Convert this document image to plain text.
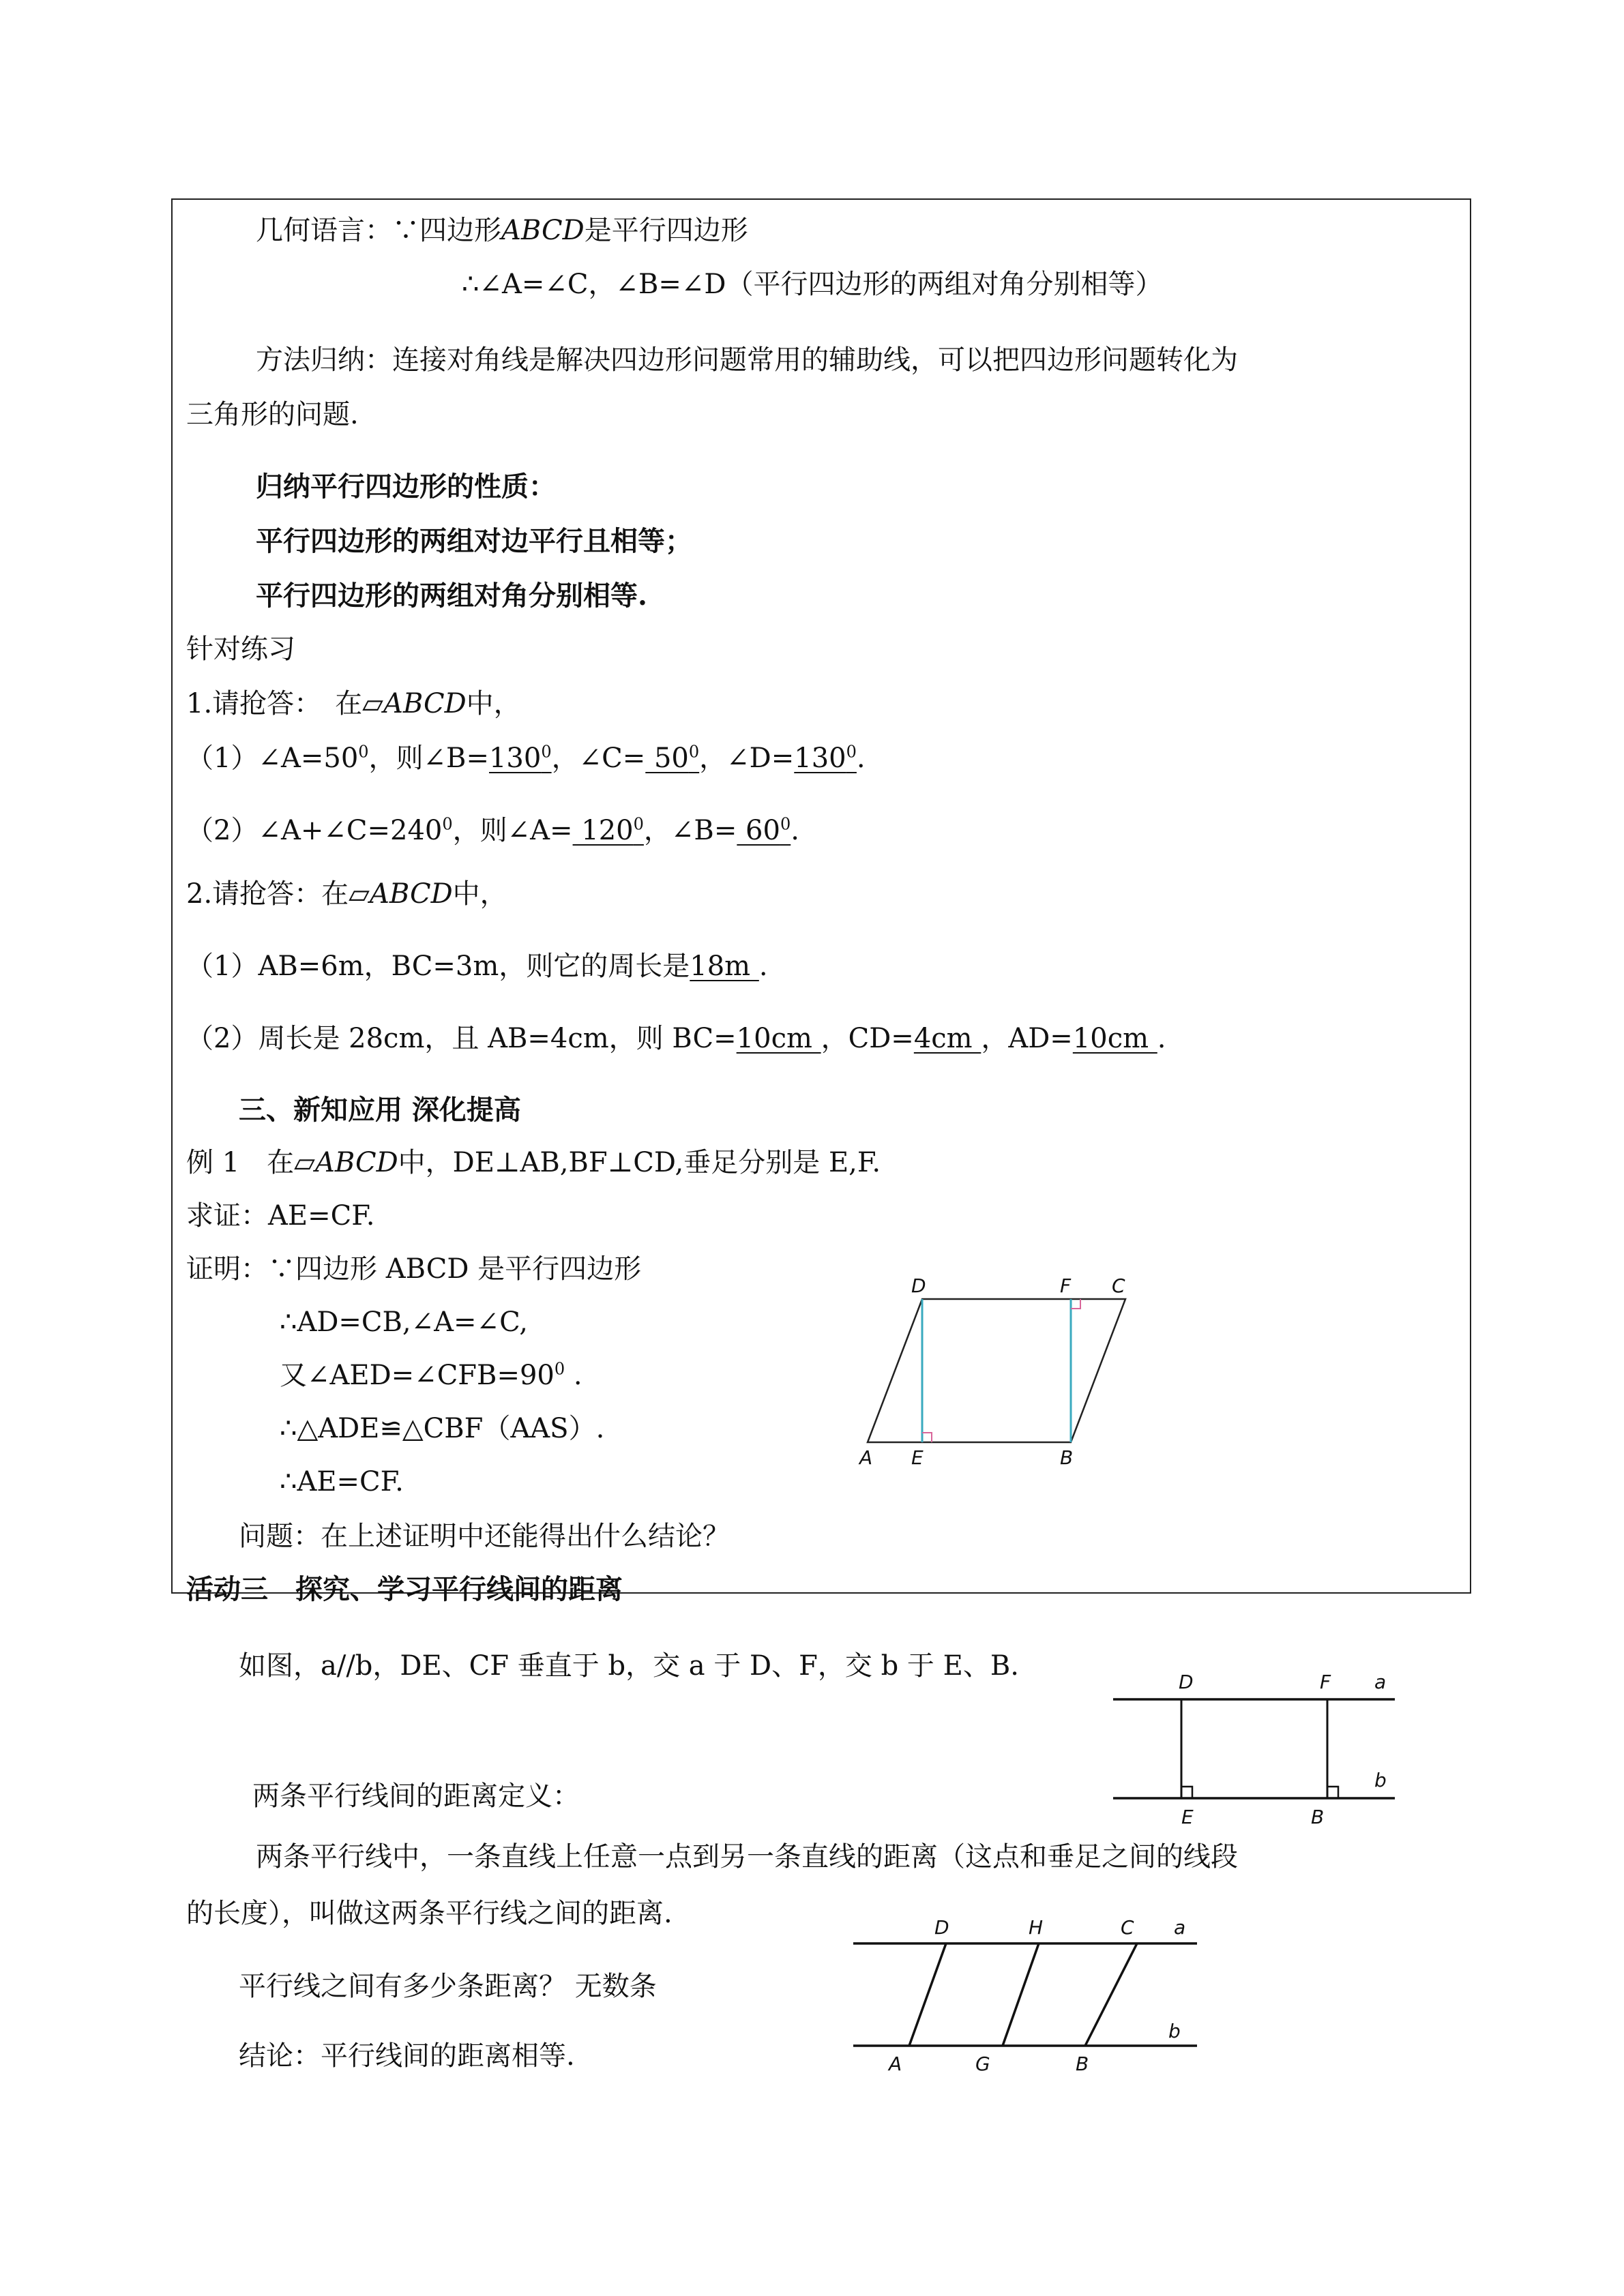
几何语言：∵四边形ABCD是平行四边形
∴∠A=∠C，∠B=∠D（平行四边形的两组对角分别相等）
方法归纳：连接对角线是解决四边形问题常用的辅助线，可以把四边形问题转化为
三角形的问题.
归纳平行四边形的性质：
平行四边形的两组对边平行且相等；
平行四边形的两组对角分别相等.
针对练习
1.请抢答：　在▱ABCD中，
$(1)\angle A=50^0$，则$\angle B=130^0$，∠C= $50^0$，$\angle D=130^0$.
$(2)\angle A+\angle C=240^0$，则∠A= $120^0$，∠B= $60^0$.
2.请抢答：在▱ABCD中，
（1）AB=6m，BC=3m，则它的周长是18m .
（2）周长是 28cm，且 AB=4cm，则 BC=10cm ，CD=4cm ，AD=10cm .
三、新知应用 深化提高
例 1　在▱ABCD中，DE⊥AB,BF⊥CD,垂足分别是 E,F.
求证：AE=CF.
证明：∵四边形 ABCD 是平行四边形
∴AD=CB,∠A=∠C,
又$\angle AED=\angle CFB=90^0$ .
∴△ADE≌△CBF（AAS）.
∴AE=CF.
问题：在上述证明中还能得出什么结论？
D	F C
A E	B
活动三　探究、学习平行线间的距离
如图，a//b，DE、CF 垂直于 b，交 a 于 D、F，交 b 于 E、B.
两条平行线间的距离定义：
两条平行线中，一条直线上任意一点到另一条直线的距离（这点和垂足之间的线段
的长度），叫做这两条平行线之间的距离.
平行线之间有多少条距离？ 无数条
结论：平行线间的距离相等.
D	F a
b
E	B
D	H	C a
b
A	G	B
